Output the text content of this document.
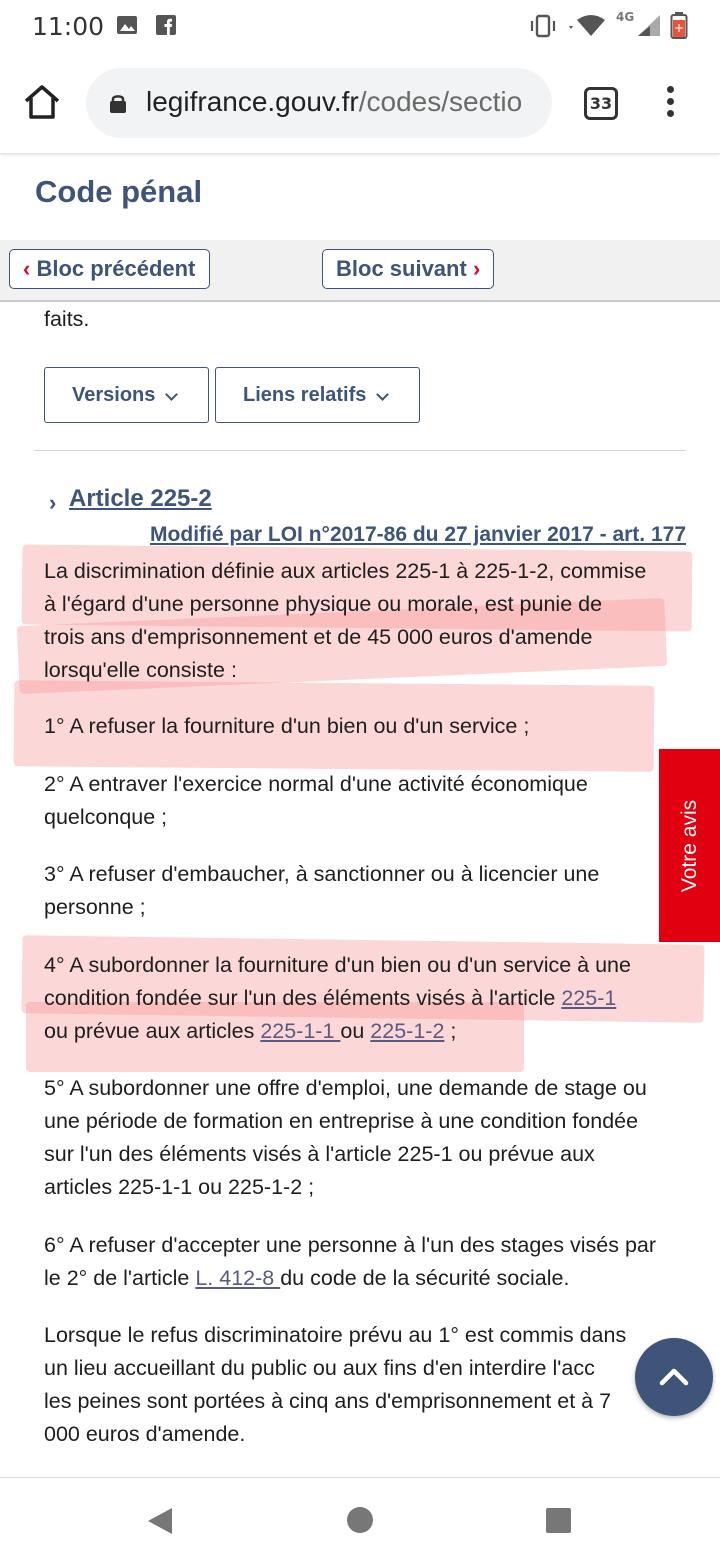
11:00	4G
+
legifrance.gouv.fr/codes/sectio	33
Code pénal
‹ Bloc précédent	Bloc suivant ›
faits.
Versions	Liens relatifs
› Article 225-2
Modifié par LOI n°2017-86 du 27 janvier 2017 - art. 177
La discrimination définie aux articles 225-1 à 225-1-2, commise
à l'égard d'une personne physique ou morale, est punie de
trois ans d'emprisonnement et de 45 000 euros d'amende
lorsqu'elle consiste :
1° A refuser la fourniture d'un bien ou d'un service ;
2° A entraver l'exercice normal d'une activité économique
quelconque ;
3° A refuser d'embaucher, à sanctionner ou à licencier une
personne ;
4° A subordonner la fourniture d'un bien ou d'un service à une
condition fondée sur l'un des éléments visés à l'article 225-1
ou prévue aux articles 225-1-1 ou 225-1-2 ;
5° A subordonner une offre d'emploi, une demande de stage ou
une période de formation en entreprise à une condition fondée
sur l'un des éléments visés à l'article 225-1 ou prévue aux
articles 225-1-1 ou 225-1-2 ;
6° A refuser d'accepter une personne à l'un des stages visés par
le 2° de l'article L. 412-8 du code de la sécurité sociale.
Lorsque le refus discriminatoire prévu au 1° est commis dans
un lieu accueillant du public ou aux fins d'en interdire l'acc
les peines sont portées à cinq ans d'emprisonnement et à 7
000 euros d'amende.
Votre avis
